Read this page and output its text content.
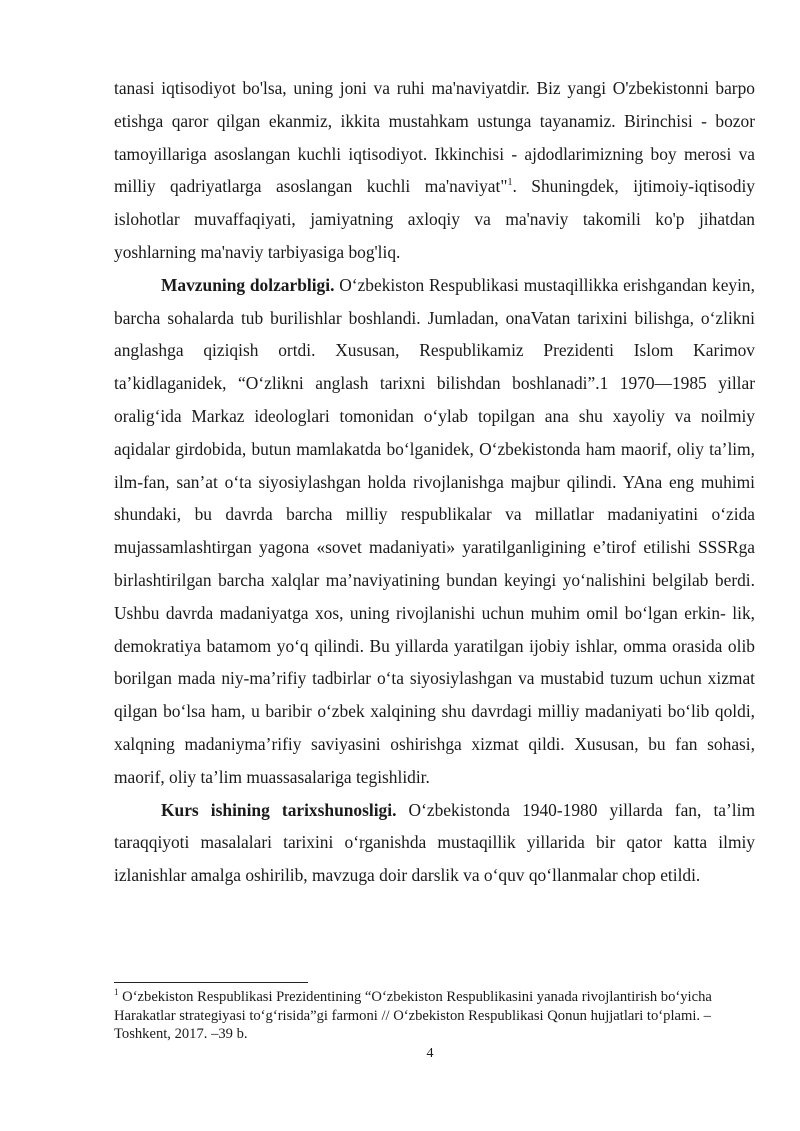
tanasi iqtisodiyot bo'lsa, uning joni va ruhi ma'naviyatdir. Biz yangi O'zbekistonni barpo etishga qaror qilgan ekanmiz, ikkita mustahkam ustunga tayanamiz. Birinchisi - bozor tamoyillariga asoslangan kuchli iqtisodiyot. Ikkinchisi - ajdodlarimizning boy merosi va milliy qadriyatlarga asoslangan kuchli ma'naviyat"$^1$. Shuningdek, ijtimoiy-iqtisodiy islohotlar muvaffaqiyati, jamiyatning axloqiy va ma'naviy takomili ko'p jihatdan yoshlarning ma'naviy tarbiyasiga bog'liq.

Mavzuning dolzarbligi. O‘zbekiston Respublikasi mustaqillikka erishgandan keyin, barcha sohalarda tub burilishlar boshlandi. Jumladan, onaVatan tarixini bilishga, o‘zlikni anglashga qiziqish ortdi. Xususan, Respublikamiz Prezidenti Islom Karimov ta’kidlaganidek, “O‘zlikni anglash tarixni bilishdan boshlanadi”.1 1970—1985 yillar oralig‘ida Markaz ideologlari tomonidan o‘ylab topilgan ana shu xayoliy va noilmiy aqidalar girdobida, butun mamlakatda bo‘lganidek, O‘zbekistonda ham maorif, oliy ta’lim, ilm-fan, san’at o‘ta siyosiylashgan holda rivojlanishga majbur qilindi. YAna eng muhimi shundaki, bu davrda barcha milliy respublikalar va millatlar madaniyatini o‘zida mujassamlashtirgan yagona «sovet madaniyati» yaratilganligining e’tirof etilishi SSSRga birlashtirilgan barcha xalqlar ma’naviyatining bundan keyingi yo‘nalishini belgilab berdi. Ushbu davrda madaniyatga xos, uning rivojlanishi uchun muhim omil bo‘lgan erkin- lik, demokratiya batamom yo‘q qilindi. Bu yillarda yaratilgan ijobiy ishlar, omma orasida olib borilgan mada niy-ma’rifiy tadbirlar o‘ta siyosiylashgan va mustabid tuzum uchun xizmat qilgan bo‘lsa ham, u baribir o‘zbek xalqining shu davrdagi milliy madaniyati bo‘lib qoldi, xalqning madaniyma’rifiy saviyasini oshirishga xizmat qildi. Xususan, bu fan sohasi, maorif, oliy ta’lim muassasalariga tegishlidir.

Kurs ishining tarixshunosligi. O‘zbekistonda 1940-1980 yillarda fan, ta’lim taraqqiyoti masalalari tarixini o‘rganishda mustaqillik yillarida bir qator katta ilmiy izlanishlar amalga oshirilib, mavzuga doir darslik va o‘quv qo‘llanmalar chop etildi.

$^1$ O‘zbekiston Respublikasi Prezidentining “O‘zbekiston Respublikasini yanada rivojlantirish bo‘yicha Harakatlar strategiyasi to‘g‘risida”gi farmoni // O‘zbekiston Respublikasi Qonun hujjatlari to‘plami. –Toshkent, 2017. –39 b.
4
